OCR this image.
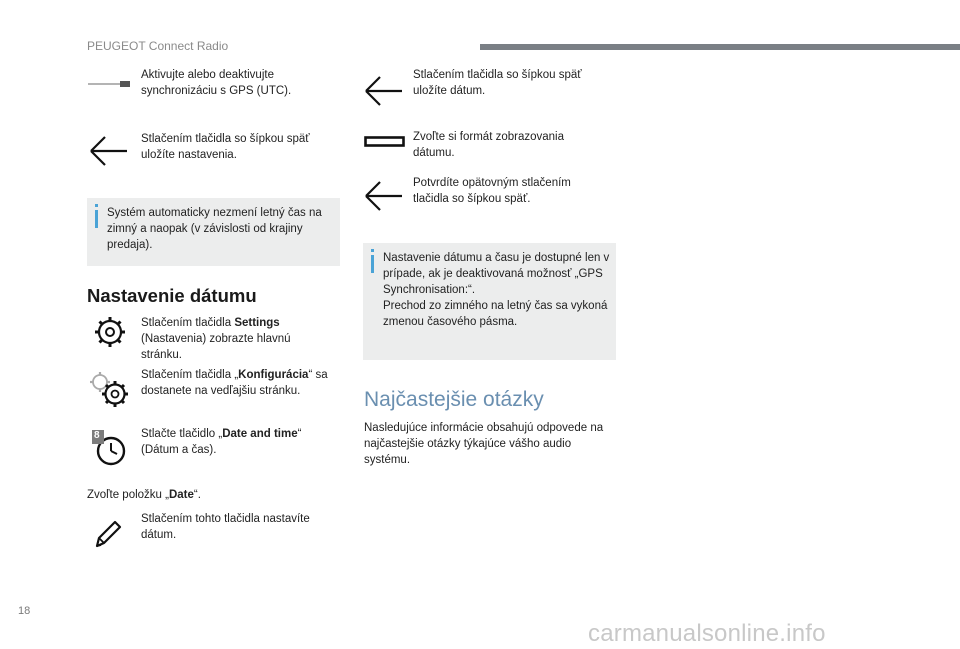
PEUGEOT Connect Radio
Aktivujte alebo deaktivujte synchronizáciu s GPS (UTC).
Stlačením tlačidla so šípkou späť uložíte nastavenia.
Systém automaticky nezmení letný čas na zimný a naopak (v závislosti od krajiny predaja).
Nastavenie dátumu
Stlačením tlačidla Settings (Nastavenia) zobrazte hlavnú stránku.
Stlačením tlačidla „Konfigurácia“ sa dostanete na vedľajšiu stránku.
8	Stlačte tlačidlo „Date and time“ (Dátum a čas).
Zvoľte položku „Date“.
Stlačením tohto tlačidla nastavíte dátum.
Stlačením tlačidla so šípkou späť uložíte dátum.
Zvoľte si formát zobrazovania dátumu.
Potvrdíte opätovným stlačením tlačidla so šípkou späť.
Nastavenie dátumu a času je dostupné len v prípade, ak je deaktivovaná možnosť „GPS Synchronisation:“.
Prechod zo zimného na letný čas sa vykoná zmenou časového pásma.
Najčastejšie otázky
Nasledujúce informácie obsahujú odpovede na najčastejšie otázky týkajúce vášho audio systému.
18
carmanualsonline.info
